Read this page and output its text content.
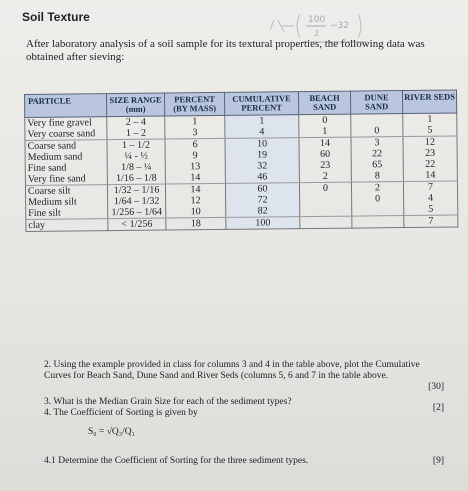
Soil Texture	100
2
−32
After laboratory analysis of a soil sample for its textural properties, the following data was obtained after sieving:
PARTICLE	SIZE RANGE (mm)	PERCENT (BY MASS)	CUMULATIVE PERCENT	BEACH SAND	DUNE SAND	RIVER SEDS
Very fine gravel	2 – 4	1	1	0		1
Very coarse sand	1 – 2	3	4	1	0	5
Coarse sand	1 – 1/2	6	10	14	3	12
Medium sand	¼ - ½	9	19	60	22	23
Fine sand	1/8 – ¼	13	32	23	65	22
Very fine sand	1/16 – 1/8	14	46	2	8	14
Coarse silt	1/32 – 1/16	14	60	0	2	7
Medium silt	1/64 – 1/32	12	72		0	4
Fine silt	1/256 – 1/64	10	82			5
clay	< 1/256	18	100			7
2. Using the example provided in class for columns 3 and 4 in the table above, plot the Cumulative Curves for Beach Sand, Dune Sand and River Seds (columns 5, 6 and 7 in the table above.
[30]
3. What is the Median Grain Size for each of the sediment types?
[2]
4. The Coefficient of Sorting is given by
S₀ = √Q₃/Q₁
4.1 Determine the Coefficient of Sorting for the three sediment types.	[9]
